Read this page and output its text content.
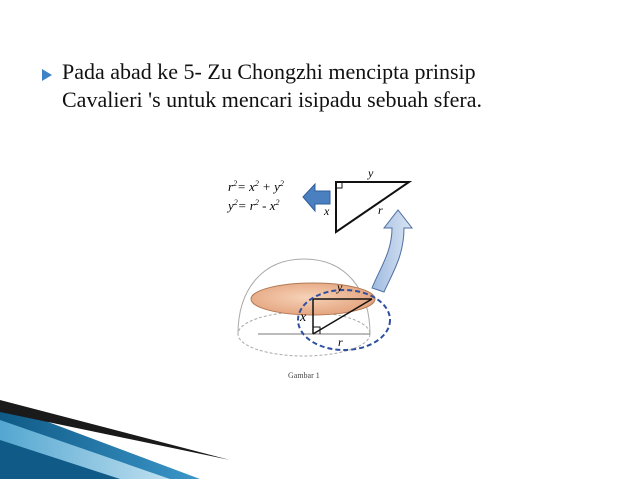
Pada abad ke 5- Zu Chongzhi mencipta prinsip
Cavalieri 's untuk mencari isipadu sebuah sfera.
$r^2= x^2 + y^2$
$y^2= r^2 - x^2$
y
x	r
y
x
r
Gambar 1
